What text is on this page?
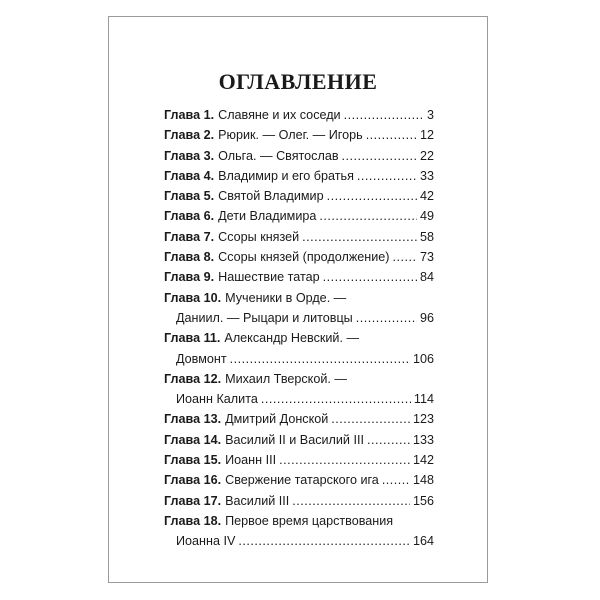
ОГЛАВЛЕНИЕ
Глава 1. Славяне и их соседи .....	3
Глава 2. Рюрик. — Олег. — Игорь .....	12
Глава 3. Ольга. — Святослав .....	22
Глава 4. Владимир и его братья .....	33
Глава 5. Святой Владимир .....	42
Глава 6. Дети Владимира .....	49
Глава 7. Ссоры князей .....	58
Глава 8. Ссоры князей (продолжение) ..... 73
Глава 9. Нашествие татар .....	84
Глава 10. Мученики в Орде. —
Даниил. — Рыцари и литовцы .....	96
Глава 11. Александр Невский. —
Довмонт .....	106
Глава 12. Михаил Тверской. —
Иоанн Калита .....	114
Глава 13. Дмитрий Донской .....	123
Глава 14. Василий II и Василий III .....	133
Глава 15. Иоанн III .....	142
Глава 16. Свержение татарского ига .....	148
Глава 17. Василий III .....	156
Глава 18. Первое время царствования
Иоанна IV .....	164
